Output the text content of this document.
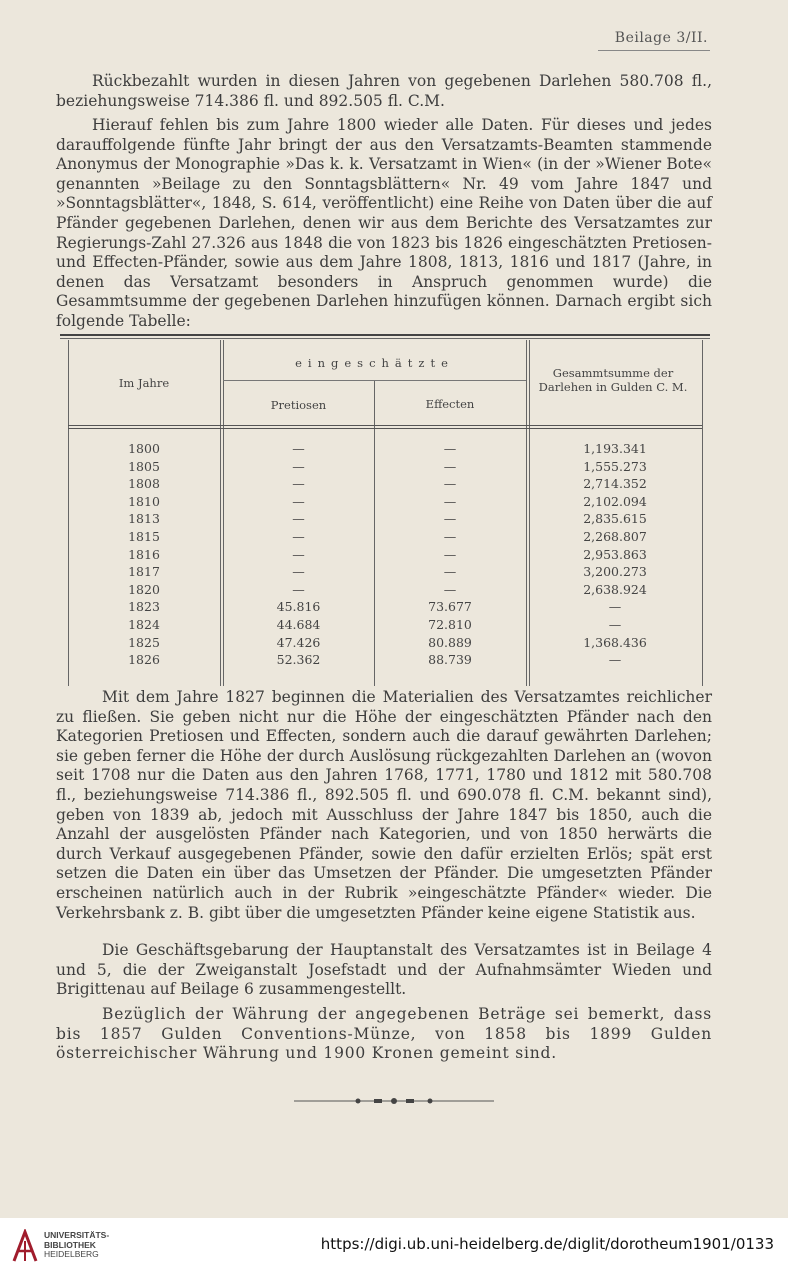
Beilage 3/II.
Rückbezahlt wurden in diesen Jahren von gegebenen Darlehen 580.708 fl., beziehungsweise 714.386 fl. und 892.505 fl. C.M.
Hierauf fehlen bis zum Jahre 1800 wieder alle Daten. Für dieses und jedes darauffolgende fünfte Jahr bringt der aus den Versatzamts-Beamten stammende Anonymus der Monographie »Das k. k. Versatzamt in Wien« (in der »Wiener Bote« genannten »Beilage zu den Sonntagsblättern« Nr. 49 vom Jahre 1847 und »Sonntagsblätter«, 1848, S. 614, veröffentlicht) eine Reihe von Daten über die auf Pfänder gegebenen Darlehen, denen wir aus dem Berichte des Versatzamtes zur Regierungs-Zahl 27.326 aus 1848 die von 1823 bis 1826 eingeschätzten Pretiosen- und Effecten-Pfänder, sowie aus dem Jahre 1808, 1813, 1816 und 1817 (Jahre, in denen das Versatzamt besonders in Anspruch genommen wurde) die Gesammtsumme der gegebenen Darlehen hinzufügen können. Darnach ergibt sich folgende Tabelle:
Im Jahre
eingeschätzte
Pretiosen	Effecten
Gesammtsumme der Darlehen in Gulden C. M.
1800	—	—	1,193.341
1805	—	—	1,555.273
1808	—	—	2,714.352
1810	—	—	2,102.094
1813	—	—	2,835.615
1815	—	—	2,268.807
1816	—	—	2,953.863
1817	—	—	3,200.273
1820	—	—	2,638.924
1823	45.816	73.677	—
1824	44.684	72.810	—
1825	47.426	80.889	1,368.436
1826	52.362	88.739	—
Mit dem Jahre 1827 beginnen die Materialien des Versatzamtes reichlicher zu fließen. Sie geben nicht nur die Höhe der eingeschätzten Pfänder nach den Kategorien Pretiosen und Effecten, sondern auch die darauf gewährten Darlehen; sie geben ferner die Höhe der durch Auslösung rückgezahlten Darlehen an (wovon seit 1708 nur die Daten aus den Jahren 1768, 1771, 1780 und 1812 mit 580.708 fl., beziehungsweise 714.386 fl., 892.505 fl. und 690.078 fl. C.M. bekannt sind), geben von 1839 ab, jedoch mit Ausschluss der Jahre 1847 bis 1850, auch die Anzahl der ausgelösten Pfänder nach Kategorien, und von 1850 herwärts die durch Verkauf ausgegebenen Pfänder, sowie den dafür erzielten Erlös; spät erst setzen die Daten ein über das Umsetzen der Pfänder. Die umgesetzten Pfänder erscheinen natürlich auch in der Rubrik »eingeschätzte Pfänder« wieder. Die Verkehrsbank z. B. gibt über die umgesetzten Pfänder keine eigene Statistik aus.
Die Geschäftsgebarung der Hauptanstalt des Versatzamtes ist in Beilage 4 und 5, die der Zweiganstalt Josefstadt und der Aufnahmsämter Wieden und Brigittenau auf Beilage 6 zusammengestellt.
Bezüglich der Währung der angegebenen Beträge sei bemerkt, dass bis 1857 Gulden Conventions-Münze, von 1858 bis 1899 Gulden österreichischer Währung und 1900 Kronen gemeint sind.
UNIVERSITÄTS-
BIBLIOTHEK
HEIDELBERG
https://digi.ub.uni-heidelberg.de/diglit/dorotheum1901/0133
